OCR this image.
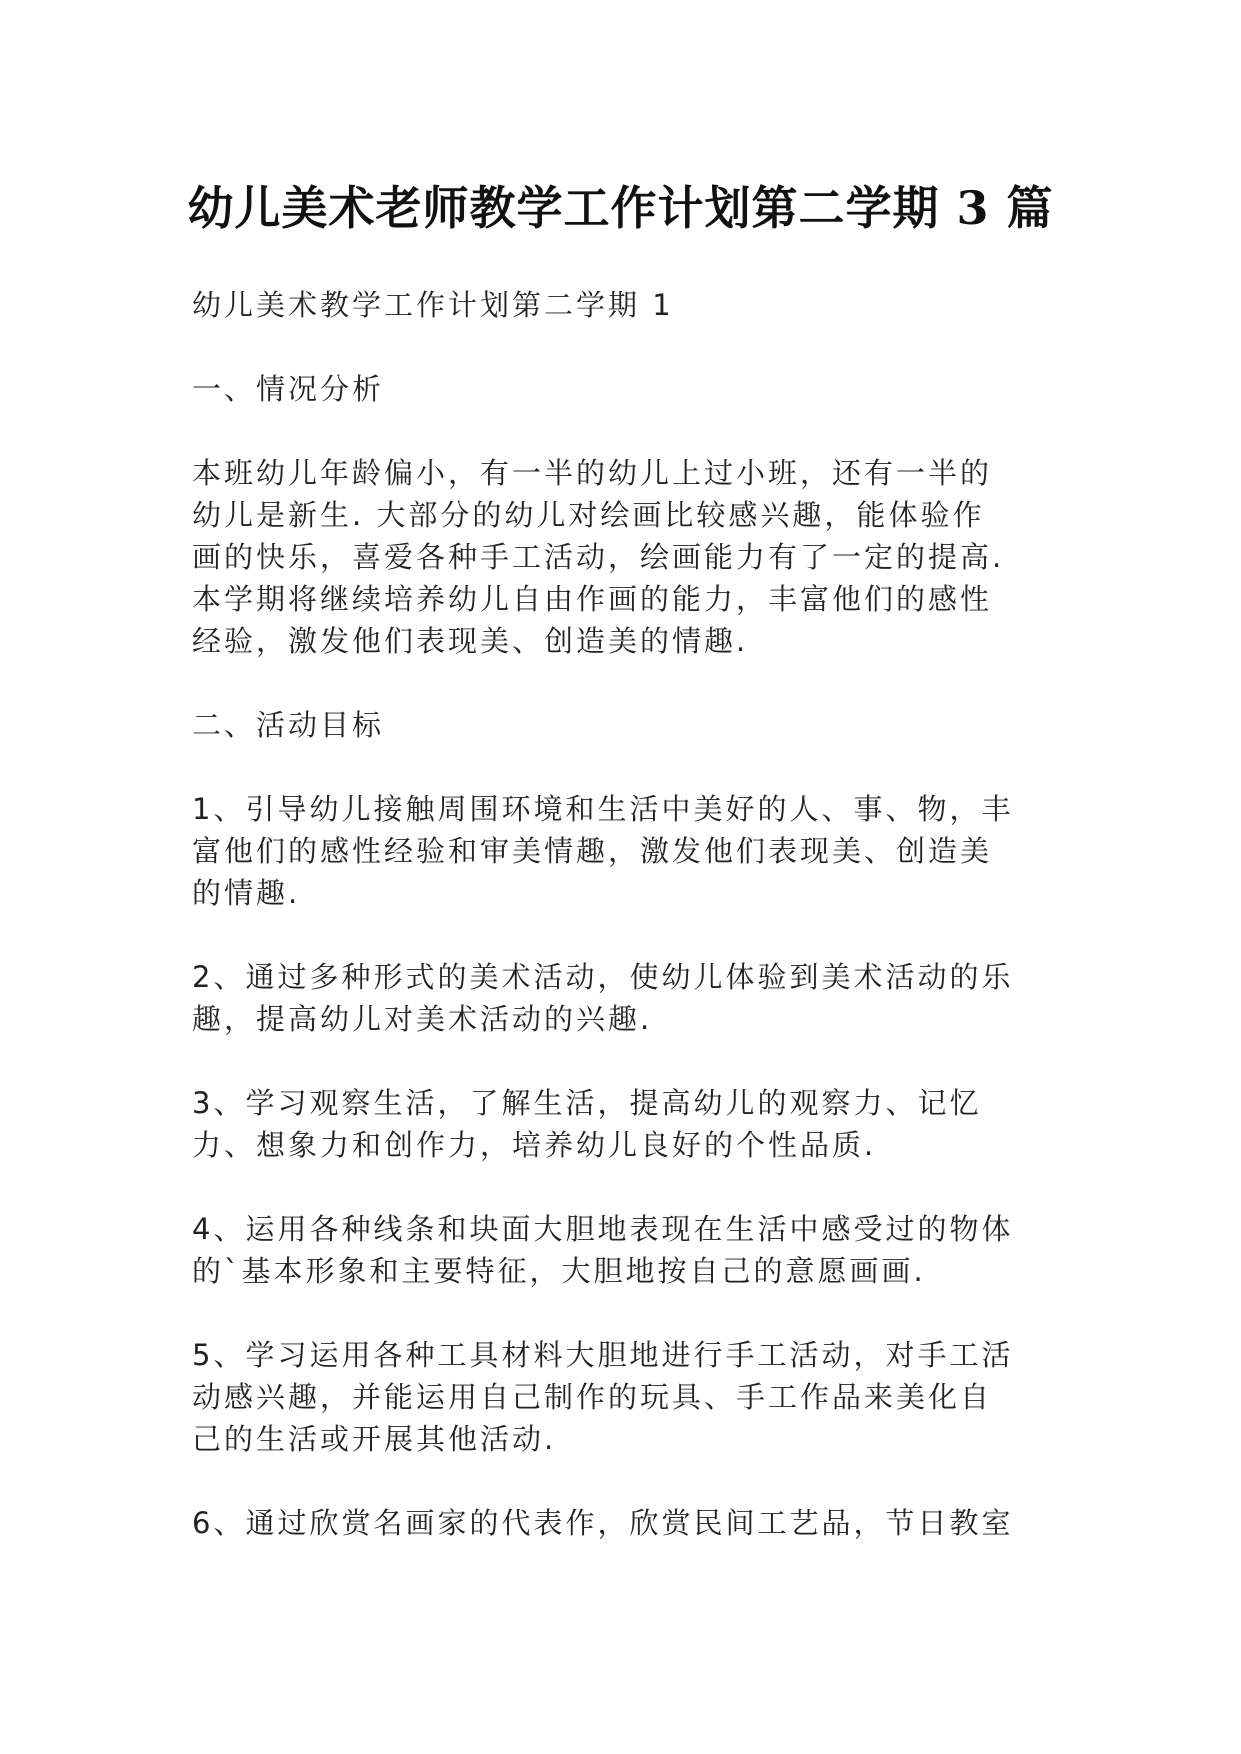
幼儿美术老师教学工作计划第二学期 3 篇

幼儿美术教学工作计划第二学期 1

一、情况分析

本班幼儿年龄偏小，有一半的幼儿上过小班，还有一半的
幼儿是新生. 大部分的幼儿对绘画比较感兴趣，能体验作
画的快乐，喜爱各种手工活动，绘画能力有了一定的提高.
本学期将继续培养幼儿自由作画的能力，丰富他们的感性
经验，激发他们表现美、创造美的情趣.

二、活动目标

1、引导幼儿接触周围环境和生活中美好的人、事、物，丰
富他们的感性经验和审美情趣，激发他们表现美、创造美
的情趣.

2、通过多种形式的美术活动，使幼儿体验到美术活动的乐
趣，提高幼儿对美术活动的兴趣.

3、学习观察生活，了解生活，提高幼儿的观察力、记忆
力、想象力和创作力，培养幼儿良好的个性品质.

4、运用各种线条和块面大胆地表现在生活中感受过的物体
的`基本形象和主要特征，大胆地按自己的意愿画画.

5、学习运用各种工具材料大胆地进行手工活动，对手工活
动感兴趣，并能运用自己制作的玩具、手工作品来美化自
己的生活或开展其他活动.

6、通过欣赏名画家的代表作，欣赏民间工艺品，节日教室
